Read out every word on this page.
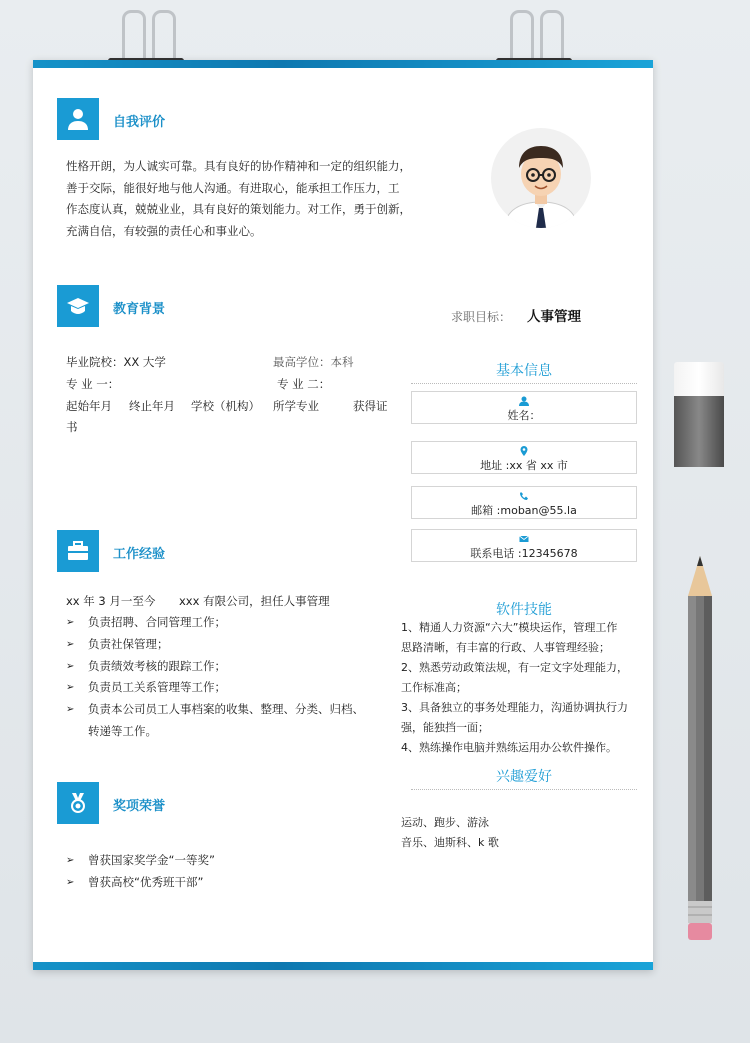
自我评价
性格开朗，为人诚实可靠。具有良好的协作精神和一定的组织能力，
善于交际，能很好地与他人沟通。有进取心，能承担工作压力，工
作态度认真，兢兢业业，具有良好的策划能力。对工作，勇于创新，
充满自信，有较强的责任心和事业心。
教育背景
毕业院校：XX 大学	最高学位：本科
专 业 一：	专 业 二：
起始年月 终止年月 学校（机构） 所学专业	获得证
书
工作经验
xx 年 3 月一至今 xxx 有限公司，担任人事管理
➢ 负责招聘、合同管理工作；
➢ 负责社保管理；
➢ 负责绩效考核的跟踪工作；
➢ 负责员工关系管理等工作；
➢ 负责本公司员工人事档案的收集、整理、分类、归档、
转递等工作。
奖项荣誉
➢ 曾获国家奖学金“一等奖”
➢ 曾获高校“优秀班干部”
求职目标： 人事管理
基本信息
姓名：
地址 :xx 省 xx 市
邮箱 :moban@55.la
联系电话 :12345678
软件技能
1、精通人力资源“六大”模块运作，管理工作
思路清晰，有丰富的行政、人事管理经验；
2、熟悉劳动政策法规，有一定文字处理能力，
工作标准高；
3、具备独立的事务处理能力，沟通协调执行力
强，能独挡一面；
4、熟练操作电脑并熟练运用办公软件操作。
兴趣爱好
运动、跑步、游泳
音乐、迪斯科、k 歌
